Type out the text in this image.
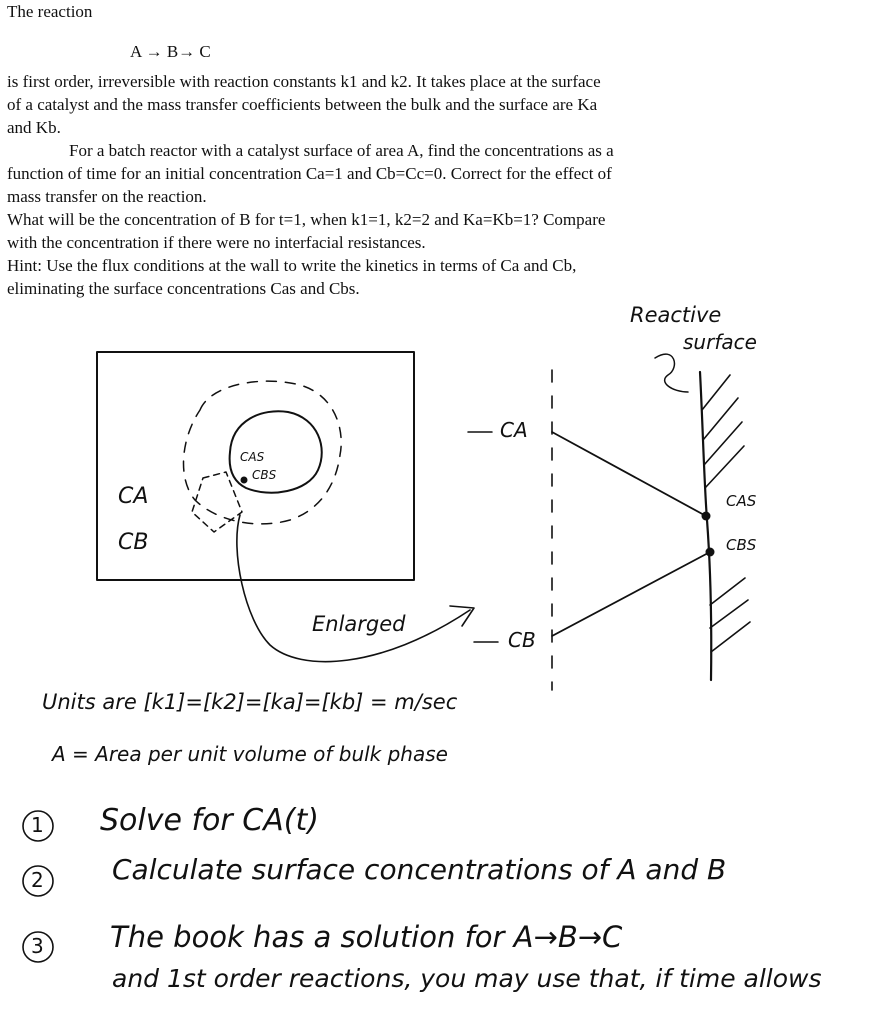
The reaction

A → B→ C

is first order, irreversible with reaction constants k1 and k2. It takes place at the surface

of a catalyst and the mass transfer coefficients between the bulk and the surface are Ka

and Kb.

For a batch reactor with a catalyst surface of area A, find the concentrations as a

function of time for an initial concentration Ca=1 and Cb=Cc=0. Correct for the effect of

mass transfer on the reaction.

What will be the concentration of B for t=1, when k1=1, k2=2 and Ka=Kb=1? Compare

with the concentration if there were no interfacial resistances.

Hint: Use the flux conditions at the wall to write the kinetics in terms of Ca and Cb,

eliminating the surface concentrations Cas and Cbs.

Reactive
surface
CA
CB
CAS
CBS
Enlarged
CA
CB
CAS
CBS
Units are [k1]=[k2]=[ka]=[kb] = m/sec
A = Area per unit volume of bulk phase
1 Solve for CA(t)
2 Calculate surface concentrations of A and B
3 The book has a solution for A→B→C
and 1st order reactions, you may use that, if time allows
